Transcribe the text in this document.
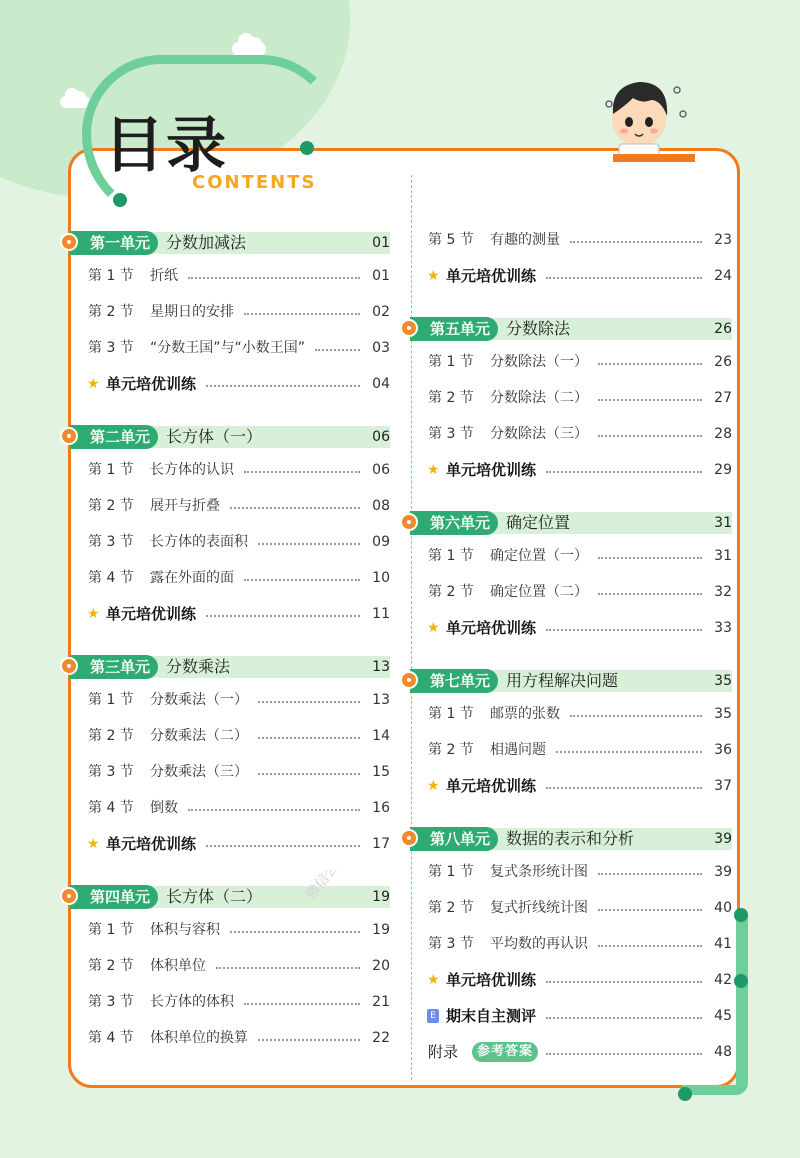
目录
CONTENTS
第一单元	分数加减法	01
第 1 节 折纸	01
第 2 节 星期日的安排	02
第 3 节 “分数王国”与“小数王国”	03
★ 单元培优训练	04
第二单元	长方体（一）	06
第 1 节 长方体的认识	06
第 2 节 展开与折叠	08
第 3 节 长方体的表面积	09
第 4 节 露在外面的面	10
★ 单元培优训练	11
第三单元	分数乘法	13
第 1 节 分数乘法（一）	13
第 2 节 分数乘法（二）	14
第 3 节 分数乘法（三）	15
第 4 节 倒数	16
★ 单元培优训练	17
第四单元	长方体（二）	19
第 1 节 体积与容积	19
第 2 节 体积单位	20
第 3 节 长方体的体积	21
第 4 节 体积单位的换算	22
第 5 节 有趣的测量	23
★ 单元培优训练	24
第五单元	分数除法	26
第 1 节 分数除法（一）	26
第 2 节 分数除法（二）	27
第 3 节 分数除法（三）	28
★ 单元培优训练	29
第六单元	确定位置	31
第 1 节 确定位置（一）	31
第 2 节 确定位置（二）	32
★ 单元培优训练	33
第七单元	用方程解决问题	35
第 1 节 邮票的张数	35
第 2 节 相遇问题	36
★ 单元培优训练	37
第八单元	数据的表示和分析	39
第 1 节 复式条形统计图	39
第 2 节 复式折线统计图	40
第 3 节 平均数的再认识	41
★ 单元培优训练	42
E 期末自主测评	45
附录	参考答案	48
